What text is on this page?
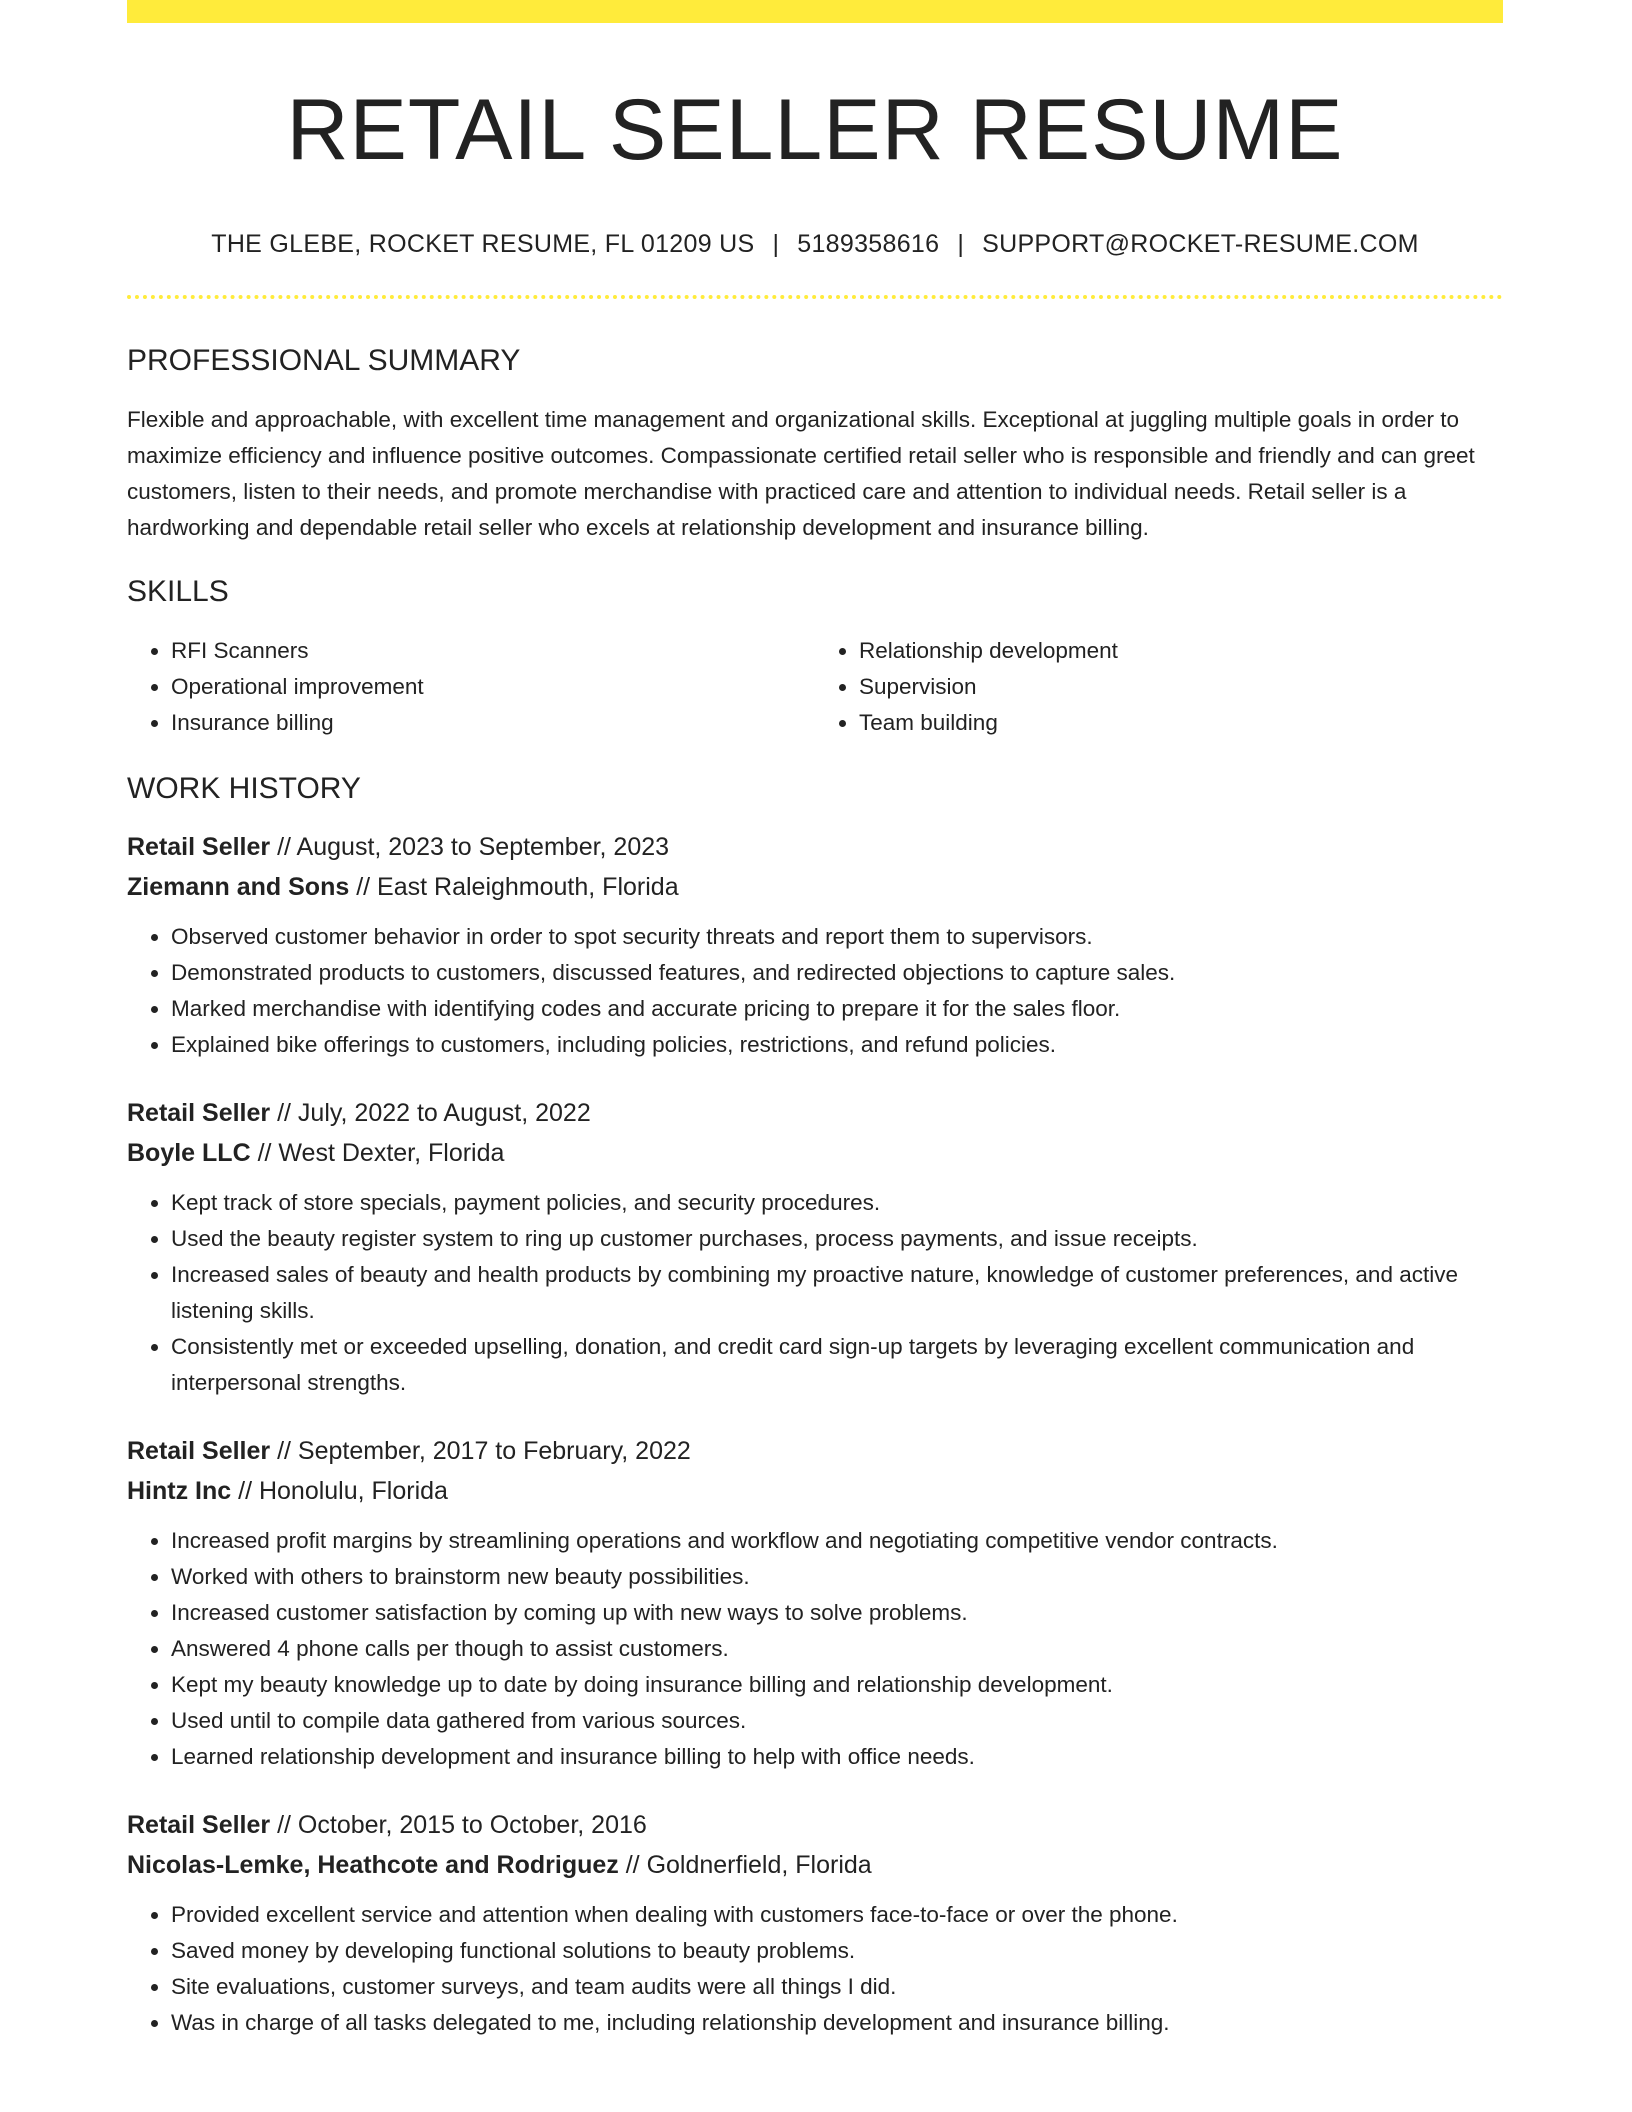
RETAIL SELLER RESUME
THE GLEBE, ROCKET RESUME, FL 01209 US | 5189358616 | SUPPORT@ROCKET-RESUME.COM
PROFESSIONAL SUMMARY

Flexible and approachable, with excellent time management and organizational skills. Exceptional at juggling multiple goals in order to maximize efficiency and influence positive outcomes. Compassionate certified retail seller who is responsible and friendly and can greet customers, listen to their needs, and promote merchandise with practiced care and attention to individual needs. Retail seller is a hardworking and dependable retail seller who excels at relationship development and insurance billing.

SKILLS
• RFI Scanners
• Operational improvement
• Insurance billing
• Relationship development
• Supervision
• Team building
WORK HISTORY
Retail Seller // August, 2023 to September, 2023
Ziemann and Sons // East Raleighmouth, Florida
• Observed customer behavior in order to spot security threats and report them to supervisors.
• Demonstrated products to customers, discussed features, and redirected objections to capture sales.
• Marked merchandise with identifying codes and accurate pricing to prepare it for the sales floor.
• Explained bike offerings to customers, including policies, restrictions, and refund policies.
Retail Seller // July, 2022 to August, 2022
Boyle LLC // West Dexter, Florida
• Kept track of store specials, payment policies, and security procedures.
• Used the beauty register system to ring up customer purchases, process payments, and issue receipts.
• Increased sales of beauty and health products by combining my proactive nature, knowledge of customer preferences, and active listening skills.
• Consistently met or exceeded upselling, donation, and credit card sign-up targets by leveraging excellent communication and interpersonal strengths.
Retail Seller // September, 2017 to February, 2022
Hintz Inc // Honolulu, Florida
• Increased profit margins by streamlining operations and workflow and negotiating competitive vendor contracts.
• Worked with others to brainstorm new beauty possibilities.
• Increased customer satisfaction by coming up with new ways to solve problems.
• Answered 4 phone calls per though to assist customers.
• Kept my beauty knowledge up to date by doing insurance billing and relationship development.
• Used until to compile data gathered from various sources.
• Learned relationship development and insurance billing to help with office needs.
Retail Seller // October, 2015 to October, 2016
Nicolas-Lemke, Heathcote and Rodriguez // Goldnerfield, Florida
• Provided excellent service and attention when dealing with customers face-to-face or over the phone.
• Saved money by developing functional solutions to beauty problems.
• Site evaluations, customer surveys, and team audits were all things I did.
• Was in charge of all tasks delegated to me, including relationship development and insurance billing.
